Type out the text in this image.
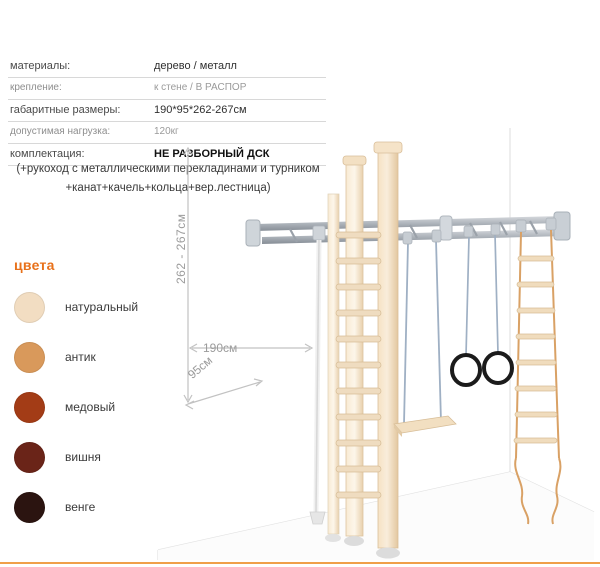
материалы:	дерево / металл
крепление:	к стене / В РАСПОР
габаритные размеры:	190*95*262-267см
допустимая нагрузка:	120кг
комплектация:	НЕ РАЗБОРНЫЙ ДСК
(+рукоход с металлическими перекладинами и турником
+канат+качель+кольца+вер.лестница)
цвета
натуральный
антик
медовый
вишня
венге
262 - 267см
190см
95см
